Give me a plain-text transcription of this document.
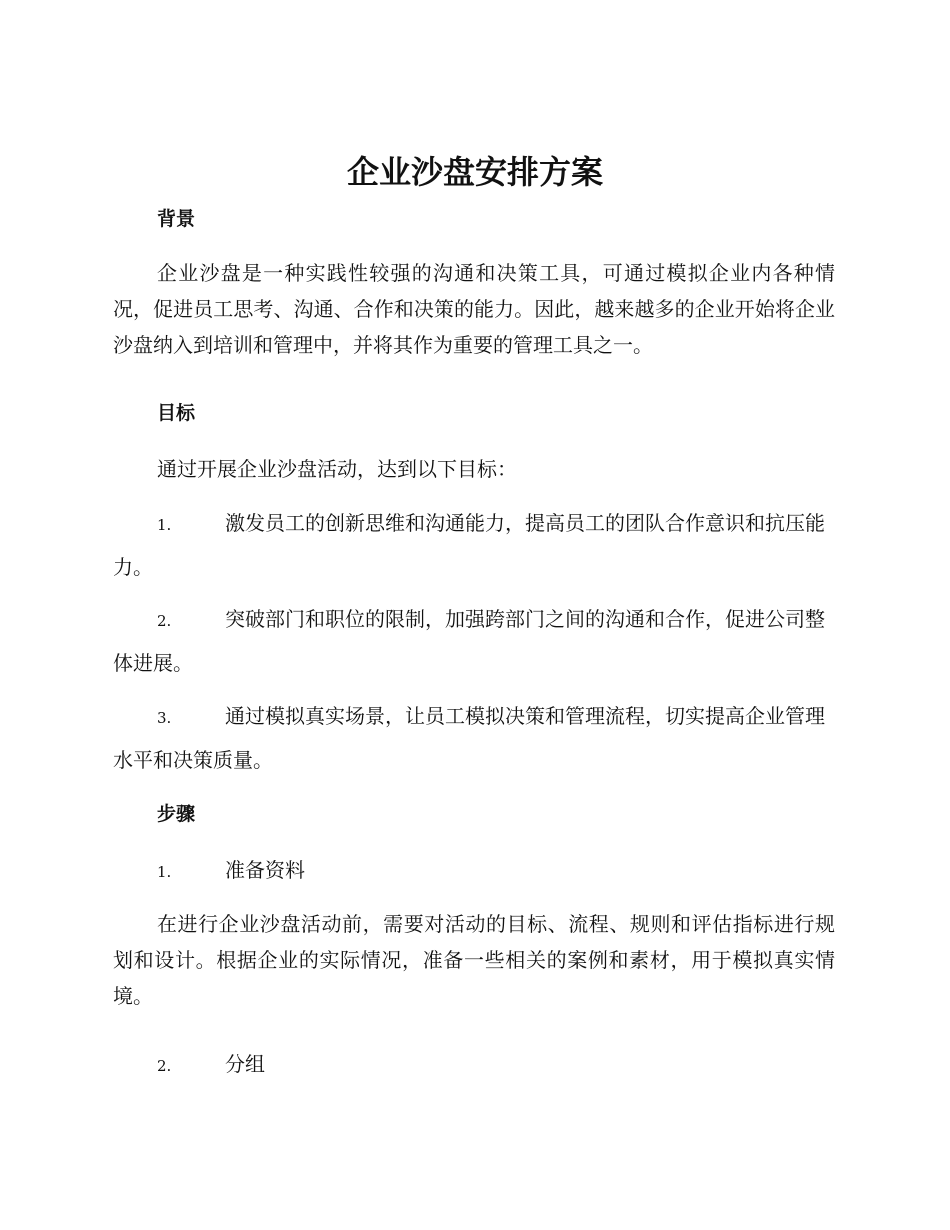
企业沙盘安排方案
背景

企业沙盘是一种实践性较强的沟通和决策工具，可通过模拟企业内各种情况，促进员工思考、沟通、合作和决策的能力。因此，越来越多的企业开始将企业沙盘纳入到培训和管理中，并将其作为重要的管理工具之一。

目标

通过开展企业沙盘活动，达到以下目标：

1.	激发员工的创新思维和沟通能力，提高员工的团队合作意识和抗压能力。
2.	突破部门和职位的限制，加强跨部门之间的沟通和合作，促进公司整体进展。
3.	通过模拟真实场景，让员工模拟决策和管理流程，切实提高企业管理水平和决策质量。
步骤
1.	准备资料

在进行企业沙盘活动前，需要对活动的目标、流程、规则和评估指标进行规划和设计。根据企业的实际情况，准备一些相关的案例和素材，用于模拟真实情境。

2.	分组
